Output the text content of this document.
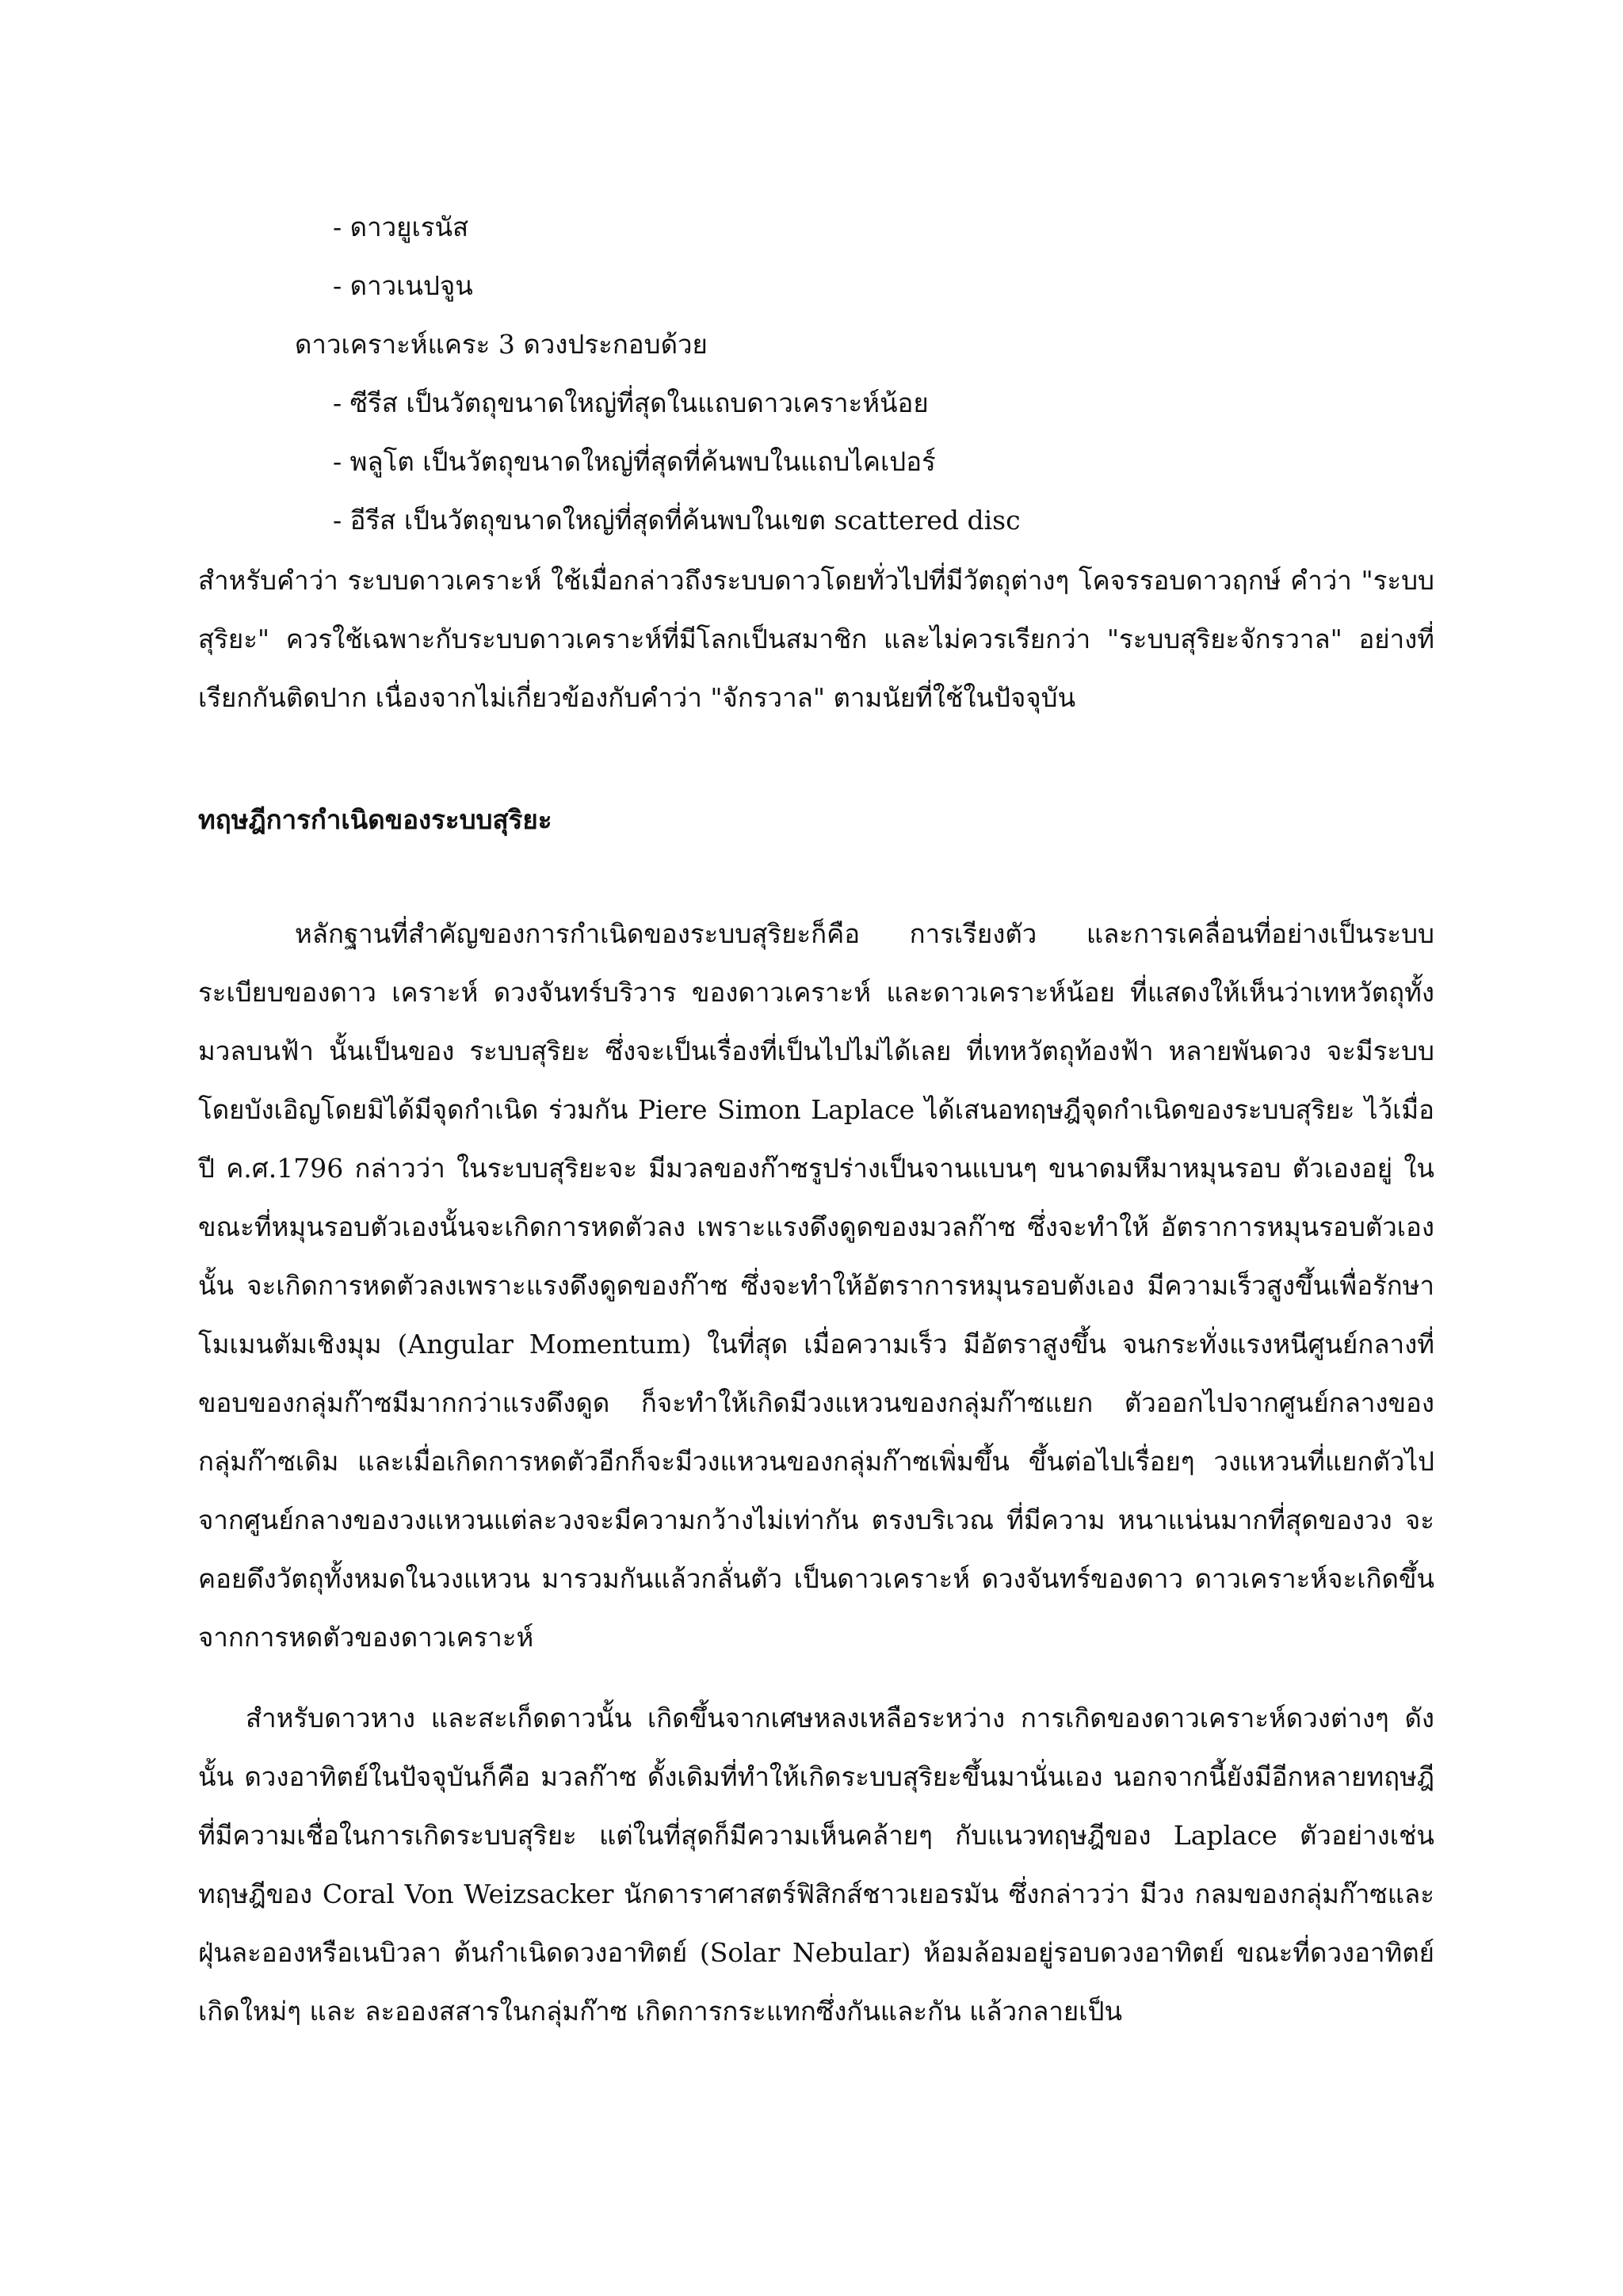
- ดาวยูเรนัส
- ดาวเนปจูน
ดาวเคราะห์แคระ 3 ดวงประกอบด้วย
- ซีรีส เป็นวัตถุขนาดใหญ่ที่สุดในแถบดาวเคราะห์น้อย
- พลูโต เป็นวัตถุขนาดใหญ่ที่สุดที่ค้นพบในแถบไคเปอร์
- อีรีส เป็นวัตถุขนาดใหญ่ที่สุดที่ค้นพบในเขต scattered disc

สำหรับคำว่า ระบบดาวเคราะห์ ใช้เมื่อกล่าวถึงระบบดาวโดยทั่วไปที่มีวัตถุต่างๆ โคจรรอบดาวฤกษ์ คำว่า "ระบบสุริยะ" ควรใช้เฉพาะกับระบบดาวเคราะห์ที่มีโลกเป็นสมาชิก และไม่ควรเรียกว่า "ระบบสุริยะจักรวาล" อย่างที่เรียกกันติดปาก เนื่องจากไม่เกี่ยวข้องกับคำว่า "จักรวาล" ตามนัยที่ใช้ในปัจจุบัน

ทฤษฎีการกำเนิดของระบบสุริยะ

หลักฐานที่สำคัญของการกำเนิดของระบบสุริยะก็คือ การเรียงตัว และการเคลื่อนที่อย่างเป็นระบบระเบียบของดาว เคราะห์ ดวงจันทร์บริวาร ของดาวเคราะห์ และดาวเคราะห์น้อย ที่แสดงให้เห็นว่าเทหวัตถุทั้งมวลบนฟ้า นั้นเป็นของ ระบบสุริยะ ซึ่งจะเป็นเรื่องที่เป็นไปไม่ได้เลย ที่เทหวัตถุท้องฟ้า หลายพันดวง จะมีระบบ โดยบังเอิญโดยมิได้มีจุดกำเนิด ร่วมกัน Piere Simon Laplace ได้เสนอทฤษฎีจุดกำเนิดของระบบสุริยะ ไว้เมื่อปี ค.ศ.1796 กล่าวว่า ในระบบสุริยะจะ มีมวลของก๊าซรูปร่างเป็นจานแบนๆ ขนาดมหึมาหมุนรอบ ตัวเองอยู่ ในขณะที่หมุนรอบตัวเองนั้นจะเกิดการหดตัวลง เพราะแรงดึงดูดของมวลก๊าซ ซึ่งจะทำให้ อัตราการหมุนรอบตัวเองนั้น จะเกิดการหดตัวลงเพราะแรงดึงดูดของก๊าซ ซึ่งจะทำให้อัตราการหมุนรอบตังเอง มีความเร็วสูงขึ้นเพื่อรักษาโมเมนตัมเชิงมุม (Angular Momentum) ในที่สุด เมื่อความเร็ว มีอัตราสูงขึ้น จนกระทั่งแรงหนีศูนย์กลางที่ขอบของกลุ่มก๊าซมีมากกว่าแรงดึงดูด ก็จะทำให้เกิดมีวงแหวนของกลุ่มก๊าซแยก ตัวออกไปจากศูนย์กลางของกลุ่มก๊าซเดิม และเมื่อเกิดการหดตัวอีกก็จะมีวงแหวนของกลุ่มก๊าซเพิ่มขึ้น ขึ้นต่อไปเรื่อยๆ วงแหวนที่แยกตัวไปจากศูนย์กลางของวงแหวนแต่ละวงจะมีความกว้างไม่เท่ากัน ตรงบริเวณ ที่มีความ หนาแน่นมากที่สุดของวง จะคอยดึงวัตถุทั้งหมดในวงแหวน มารวมกันแล้วกลั่นตัว เป็นดาวเคราะห์ ดวงจันทร์ของดาว ดาวเคราะห์จะเกิดขึ้นจากการหดตัวของดาวเคราะห์

สำหรับดาวหาง และสะเก็ดดาวนั้น เกิดขึ้นจากเศษหลงเหลือระหว่าง การเกิดของดาวเคราะห์ดวงต่างๆ ดังนั้น ดวงอาทิตย์ในปัจจุบันก็คือ มวลก๊าซ ดั้งเดิมที่ทำให้เกิดระบบสุริยะขึ้นมานั่นเอง นอกจากนี้ยังมีอีกหลายทฤษฎีที่มีความเชื่อในการเกิดระบบสุริยะ แต่ในที่สุดก็มีความเห็นคล้ายๆ กับแนวทฤษฎีของ Laplace ตัวอย่างเช่น ทฤษฎีของ Coral Von Weizsacker นักดาราศาสตร์ฟิสิกส์ชาวเยอรมัน ซึ่งกล่าวว่า มีวง กลมของกลุ่มก๊าซและฝุ่นละอองหรือเนบิวลา ต้นกำเนิดดวงอาทิตย์ (Solar Nebular) ห้อมล้อมอยู่รอบดวงอาทิตย์ ขณะที่ดวงอาทิตย์เกิดใหม่ๆ และ ละอองสสารในกลุ่มก๊าซ เกิดการกระแทกซึ่งกันและกัน แล้วกลายเป็น
